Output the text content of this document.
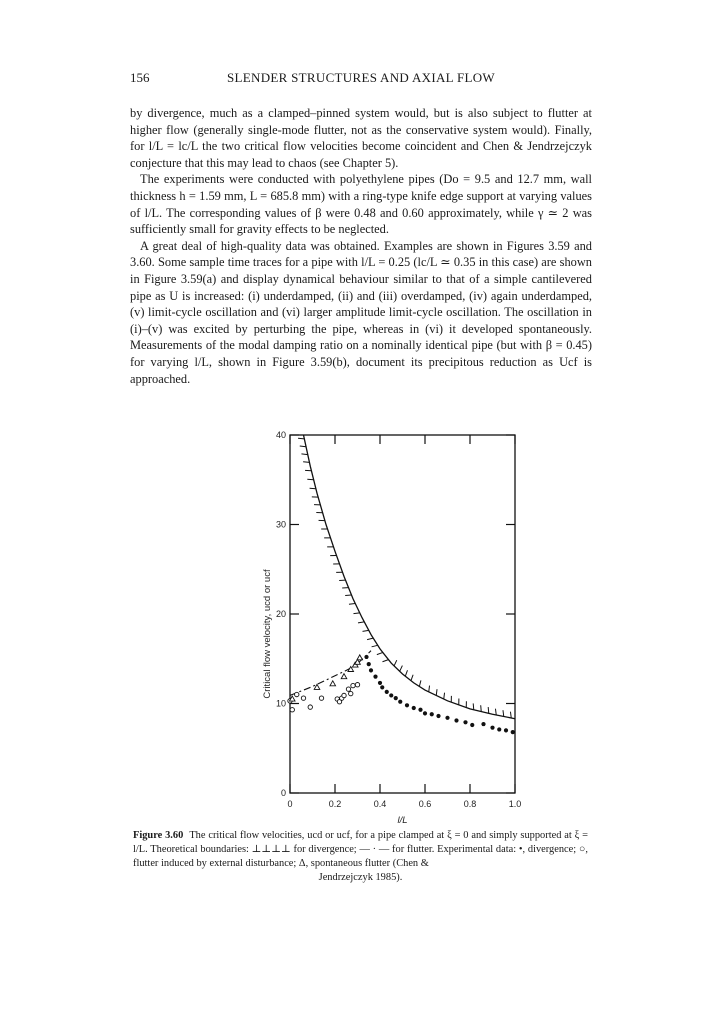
156	SLENDER STRUCTURES AND AXIAL FLOW

by divergence, much as a clamped–pinned system would, but is also subject to flutter at higher flow (generally single-mode flutter, not as the conservative system would). Finally, for l/L = lc/L the two critical flow velocities become coincident and Chen & Jendrzejczyk conjecture that this may lead to chaos (see Chapter 5).

The experiments were conducted with polyethylene pipes (Do = 9.5 and 12.7 mm, wall thickness h = 1.59 mm, L = 685.8 mm) with a ring-type knife edge support at varying values of l/L. The corresponding values of β were 0.48 and 0.60 approximately, while γ ≃ 2 was sufficiently small for gravity effects to be neglected.

A great deal of high-quality data was obtained. Examples are shown in Figures 3.59 and 3.60. Some sample time traces for a pipe with l/L = 0.25 (lc/L ≃ 0.35 in this case) are shown in Figure 3.59(a) and display dynamical behaviour similar to that of a simple cantilevered pipe as U is increased: (i) underdamped, (ii) and (iii) overdamped, (iv) again underdamped, (v) limit-cycle oscillation and (vi) larger amplitude limit-cycle oscillation. The oscillation in (i)–(v) was excited by perturbing the pipe, whereas in (vi) it developed spontaneously. Measurements of the modal damping ratio on a nominally identical pipe (but with β = 0.45) for varying l/L, shown in Figure 3.59(b), document its precipitous reduction as Ucf is approached.

0	0.2	0.4	0.6	0.8	1.0
0
10
20
30
40
l/L
Critical flow velocity, ucd or ucf
Figure 3.60 The critical flow velocities, ucd or ucf, for a pipe clamped at ξ = 0 and simply supported at ξ = l/L. Theoretical boundaries: ⊥⊥⊥⊥ for divergence; — · — for flutter. Experimental data: •, divergence; ○, flutter induced by external disturbance; Δ, spontaneous flutter (Chen &
Jendrzejczyk 1985).
